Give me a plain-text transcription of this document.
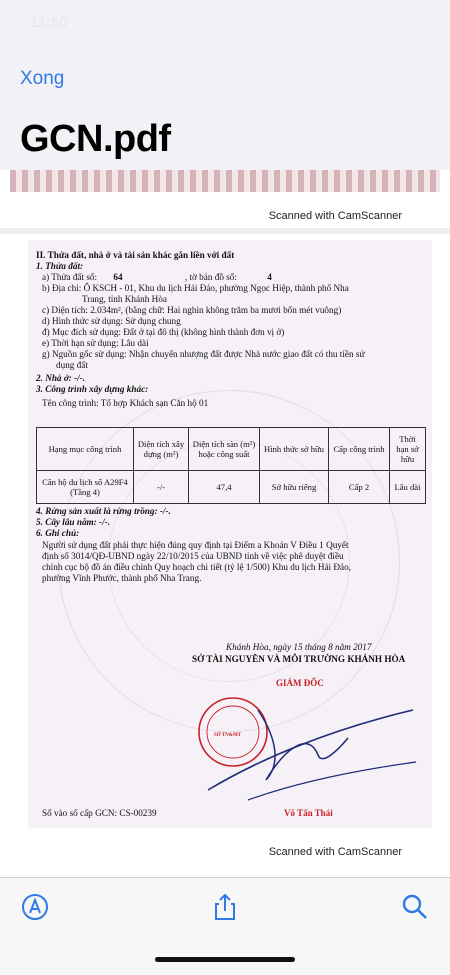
11:50
Xong
GCN.pdf
Scanned with CamScanner
II. Thửa đất, nhà ở và tài sản khác gắn liền với đất
1. Thửa đất:
a) Thửa đất số: 64	, tờ bản đồ số:	4
b) Địa chỉ: Ô KSCH - 01, Khu du lịch Hải Đảo, phường Ngọc Hiệp, thành phố Nha
Trang, tỉnh Khánh Hòa
c) Diện tích: 2.034m², (bằng chữ: Hai nghìn không trăm ba mươi bốn mét vuông)
d) Hình thức sử dụng: Sử dụng chung
đ) Mục đích sử dụng: Đất ở tại đô thị (không hình thành đơn vị ở)
e) Thời hạn sử dụng: Lâu dài
g) Nguồn gốc sử dụng: Nhận chuyển nhượng đất được Nhà nước giao đất có thu tiền sử
dụng đất
2. Nhà ở: -/-.
3. Công trình xây dựng khác:
Tên công trình: Tổ hợp Khách sạn Căn hộ 01
Hạng mục công trình	Diện tích xây dựng (m²)	Diện tích sàn (m²) hoặc công suất	Hình thức sở hữu	Cấp công trình	Thời hạn sở hữu
Căn hộ du lịch số A29F4 (Tầng 4)	-/-	47,4	Sở hữu riêng	Cấp 2	Lâu dài
4. Rừng sản xuất là rừng trồng: -/-.
5. Cây lâu năm: -/-.
6. Ghi chú:
Người sử dụng đất phải thực hiện đúng quy định tại Điểm a Khoản V Điều 1 Quyết
định số 3014/QĐ-UBND ngày 22/10/2015 của UBND tỉnh về việc phê duyệt điều
chỉnh cục bộ đồ án điều chỉnh Quy hoạch chi tiết (tỷ lệ 1/500) Khu du lịch Hải Đảo,
phường Vĩnh Phước, thành phố Nha Trang.
Khánh Hòa, ngày 15 tháng 8 năm 2017
SỞ TÀI NGUYÊN VÀ MÔI TRƯỜNG KHÁNH HÒA
GIÁM ĐỐC
SỞ TN&MT
Võ Tấn Thái
Số vào sổ cấp GCN: CS-00239
Scanned with CamScanner
